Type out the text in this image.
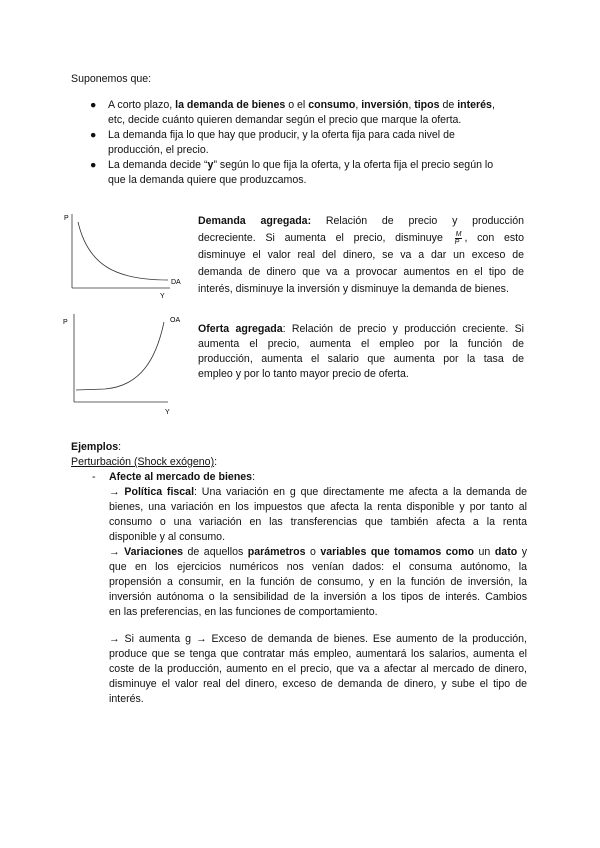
Suponemos que:
●	A corto plazo, la demanda de bienes o el consumo, inversión, tipos de interés,
etc, decide cuánto quieren demandar según el precio que marque la oferta.
●	La demanda fija lo que hay que producir, y la oferta fija para cada nivel de
producción, el precio.
●	La demanda decide “y” según lo que fija la oferta, y la oferta fija el precio según lo
que la demanda quiere que produzcamos.
P
Y
DA
Demanda agregada: Relación de precio y producción
decreciente. Si aumenta el precio, disminuye $\frac{M}{P}$ , con esto
disminuye el valor real del dinero, se va a dar un exceso de
demanda de dinero que va a provocar aumentos en el tipo de
interés, disminuye la inversión y disminuye la demanda de bienes.
P
Y
OA
Oferta agregada: Relación de precio y producción creciente. Si
aumenta el precio, aumenta el empleo por la función de
producción, aumenta el salario que aumenta por la tasa de
empleo y por lo tanto mayor precio de oferta.
Ejemplos:
Perturbación (Shock exógeno):
- Afecte al mercado de bienes:
→ Política fiscal: Una variación en g que directamente me afecta a la demanda de
bienes, una variación en los impuestos que afecta la renta disponible y por tanto al
consumo o una variación en las transferencias que también afecta a la renta
disponible y al consumo.
→ Variaciones de aquellos parámetros o variables que tomamos como un dato y
que en los ejercicios numéricos nos venían dados: el consuma autónomo, la
propensión a consumir, en la función de consumo, y en la función de inversión, la
inversión autónoma o la sensibilidad de la inversión a los tipos de interés. Cambios
en las preferencias, en las funciones de comportamiento.
→ Si aumenta g → Exceso de demanda de bienes. Ese aumento de la producción,
produce que se tenga que contratar más empleo, aumentará los salarios, aumenta el
coste de la producción, aumento en el precio, que va a afectar al mercado de dinero,
disminuye el valor real del dinero, exceso de demanda de dinero, y sube el tipo de
interés.
